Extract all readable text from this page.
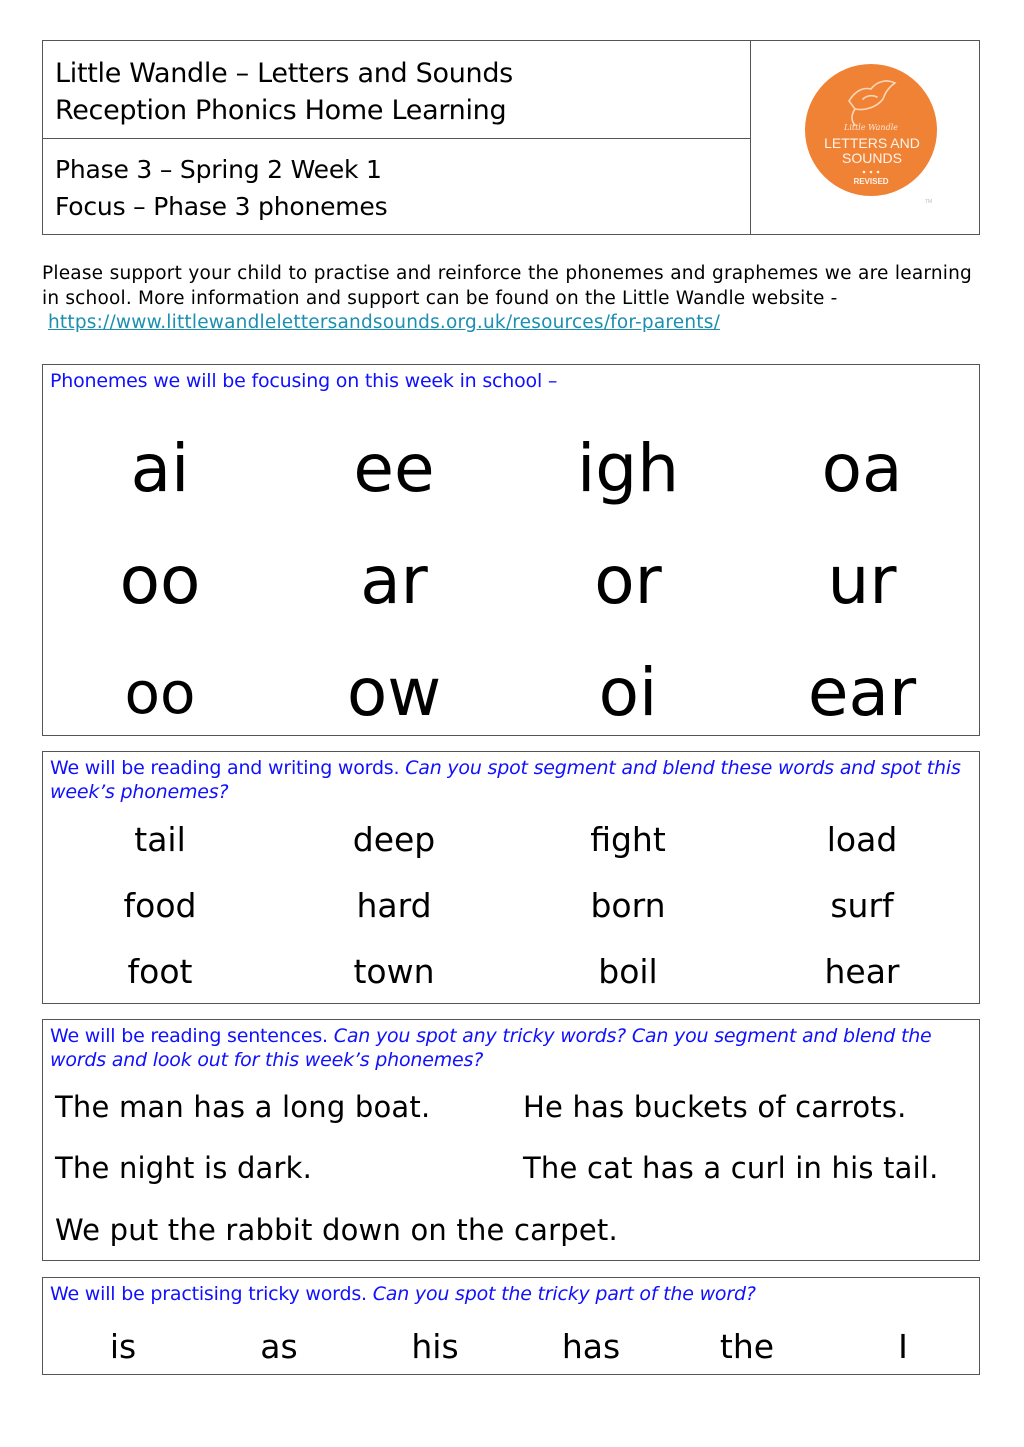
Little Wandle – Letters and Sounds
Reception Phonics Home Learning
Phase 3 – Spring 2 Week 1
Focus – Phase 3 phonemes
Little Wandle
LETTERS AND
SOUNDS
REVISED
TM
Please support your child to practise and reinforce the phonemes and graphemes we are learning in school. More information and support can be found on the Little Wandle website -
https://www.littlewandlelettersandsounds.org.uk/resources/for-parents/
Phonemes we will be focusing on this week in school –
ai	ee	igh	oa
oo	ar	or	ur
oo	ow	oi	ear
We will be reading and writing words. Can you spot segment and blend these words and spot this week’s phonemes?
tail	deep	fight	load
food	hard	born	surf
foot	town	boil	hear
We will be reading sentences. Can you spot any tricky words? Can you segment and blend the words and look out for this week’s phonemes?
The man has a long boat.	He has buckets of carrots.
The night is dark.	The cat has a curl in his tail.
We put the rabbit down on the carpet.
We will be practising tricky words. Can you spot the tricky part of the word?
is	as	his	has	the	I
